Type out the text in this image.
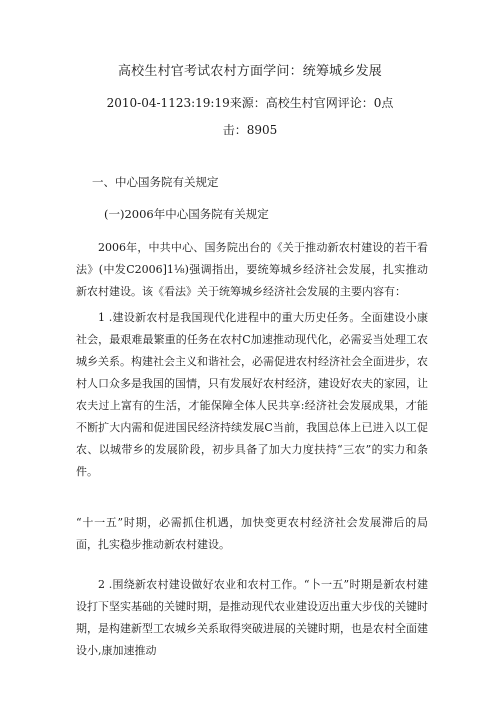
高校生村官考试农村方面学问：统筹城乡发展
2010-04-1123:19:19来源：高校生村官网评论：0点
击：8905
一、中心国务院有关规定
(一)2006年中心国务院有关规定
2006年，中共中心、国务院出台的《关于推动新农村建设的若干看法》(中发C2006]1⅛)强调指出，要统筹城乡经济社会发展，扎实推动新农村建设。该《看法》关于统筹城乡经济社会发展的主要内容有：
1 .建设新农村是我国现代化进程中的重大历史任务。全面建设小康社会，最艰难最繁重的任务在农村C加速推动现代化，必需妥当处理工农城乡关系。构建社会主义和谐社会，必需促进农村经济社会全面进步，农村人口众多是我国的国情，只有发展好农村经济，建设好农夫的家园，让农夫过上富有的生活，才能保障全体人民共享:经济社会发展成果，才能不断扩大内需和促进国民经济持续发展C当前，我国总体上已进入以工促农、以城带乡的发展阶段，初步具备了加大力度扶持“三农”的实力和条件。
“十一五”时期，必需抓住机遇，加快变更农村经济社会发展滞后的局面，扎实稳步推动新农村建设。
2 .围绕新农村建设做好农业和农村工作。“卜一五”时期是新农村建设打下坚实基础的关键时期，是推动现代农业建设迈出重大步伐的关键时期，是构建新型工农城乡关系取得突破进展的关键时期，也是农村全面建设小,康加速推动
